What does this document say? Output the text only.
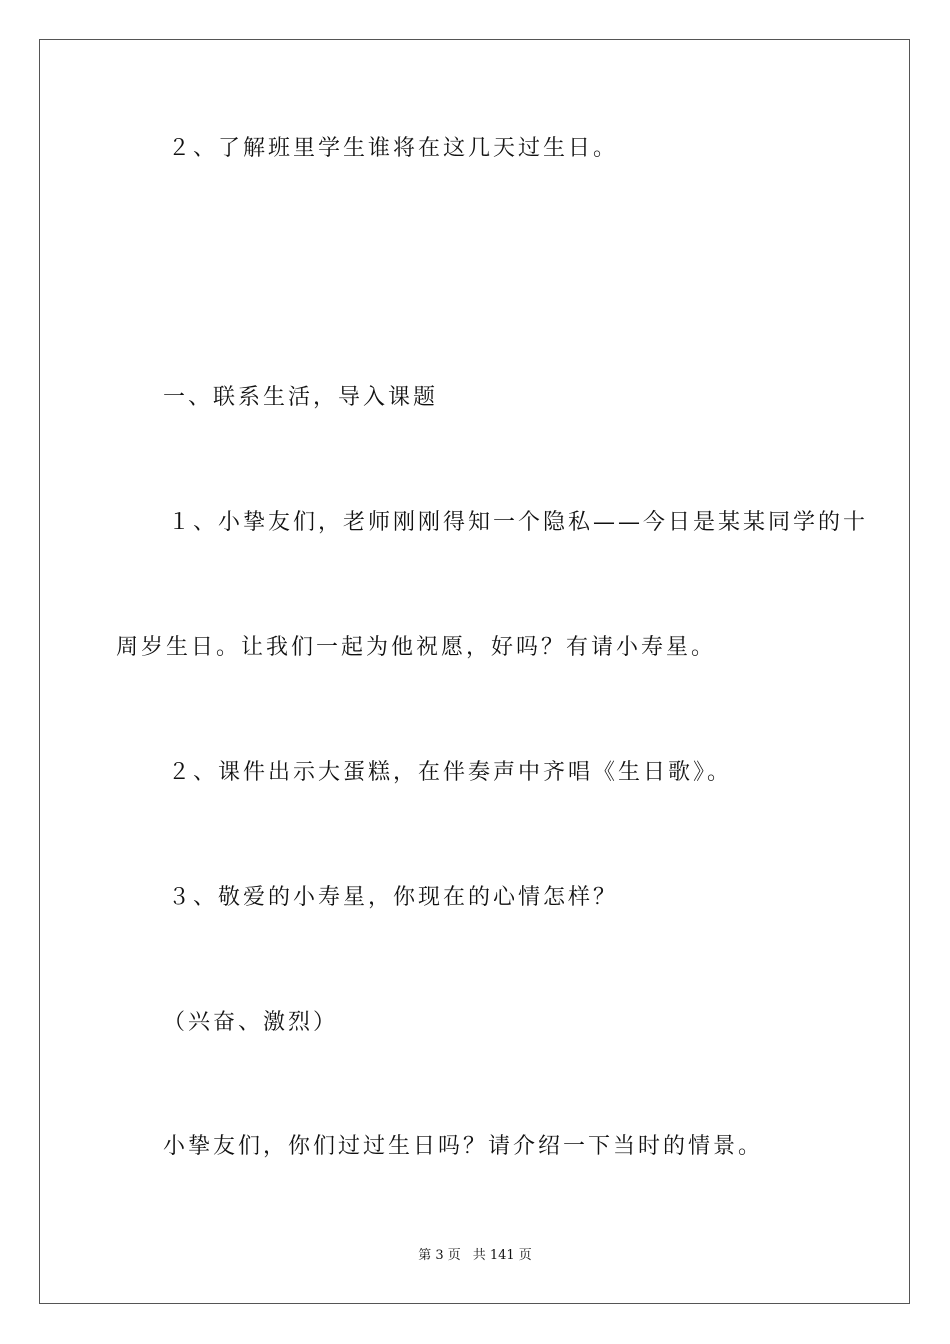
２、了解班里学生谁将在这几天过生日。
一、联系生活，导入课题
１、小挚友们，老师刚刚得知一个隐私——今日是某某同学的十
周岁生日。让我们一起为他祝愿，好吗？有请小寿星。
２、课件出示大蛋糕，在伴奏声中齐唱《生日歌》。
３、敬爱的小寿星，你现在的心情怎样？
（兴奋、激烈）
小挚友们，你们过过生日吗？请介绍一下当时的情景。
第 3 页 共 141 页
